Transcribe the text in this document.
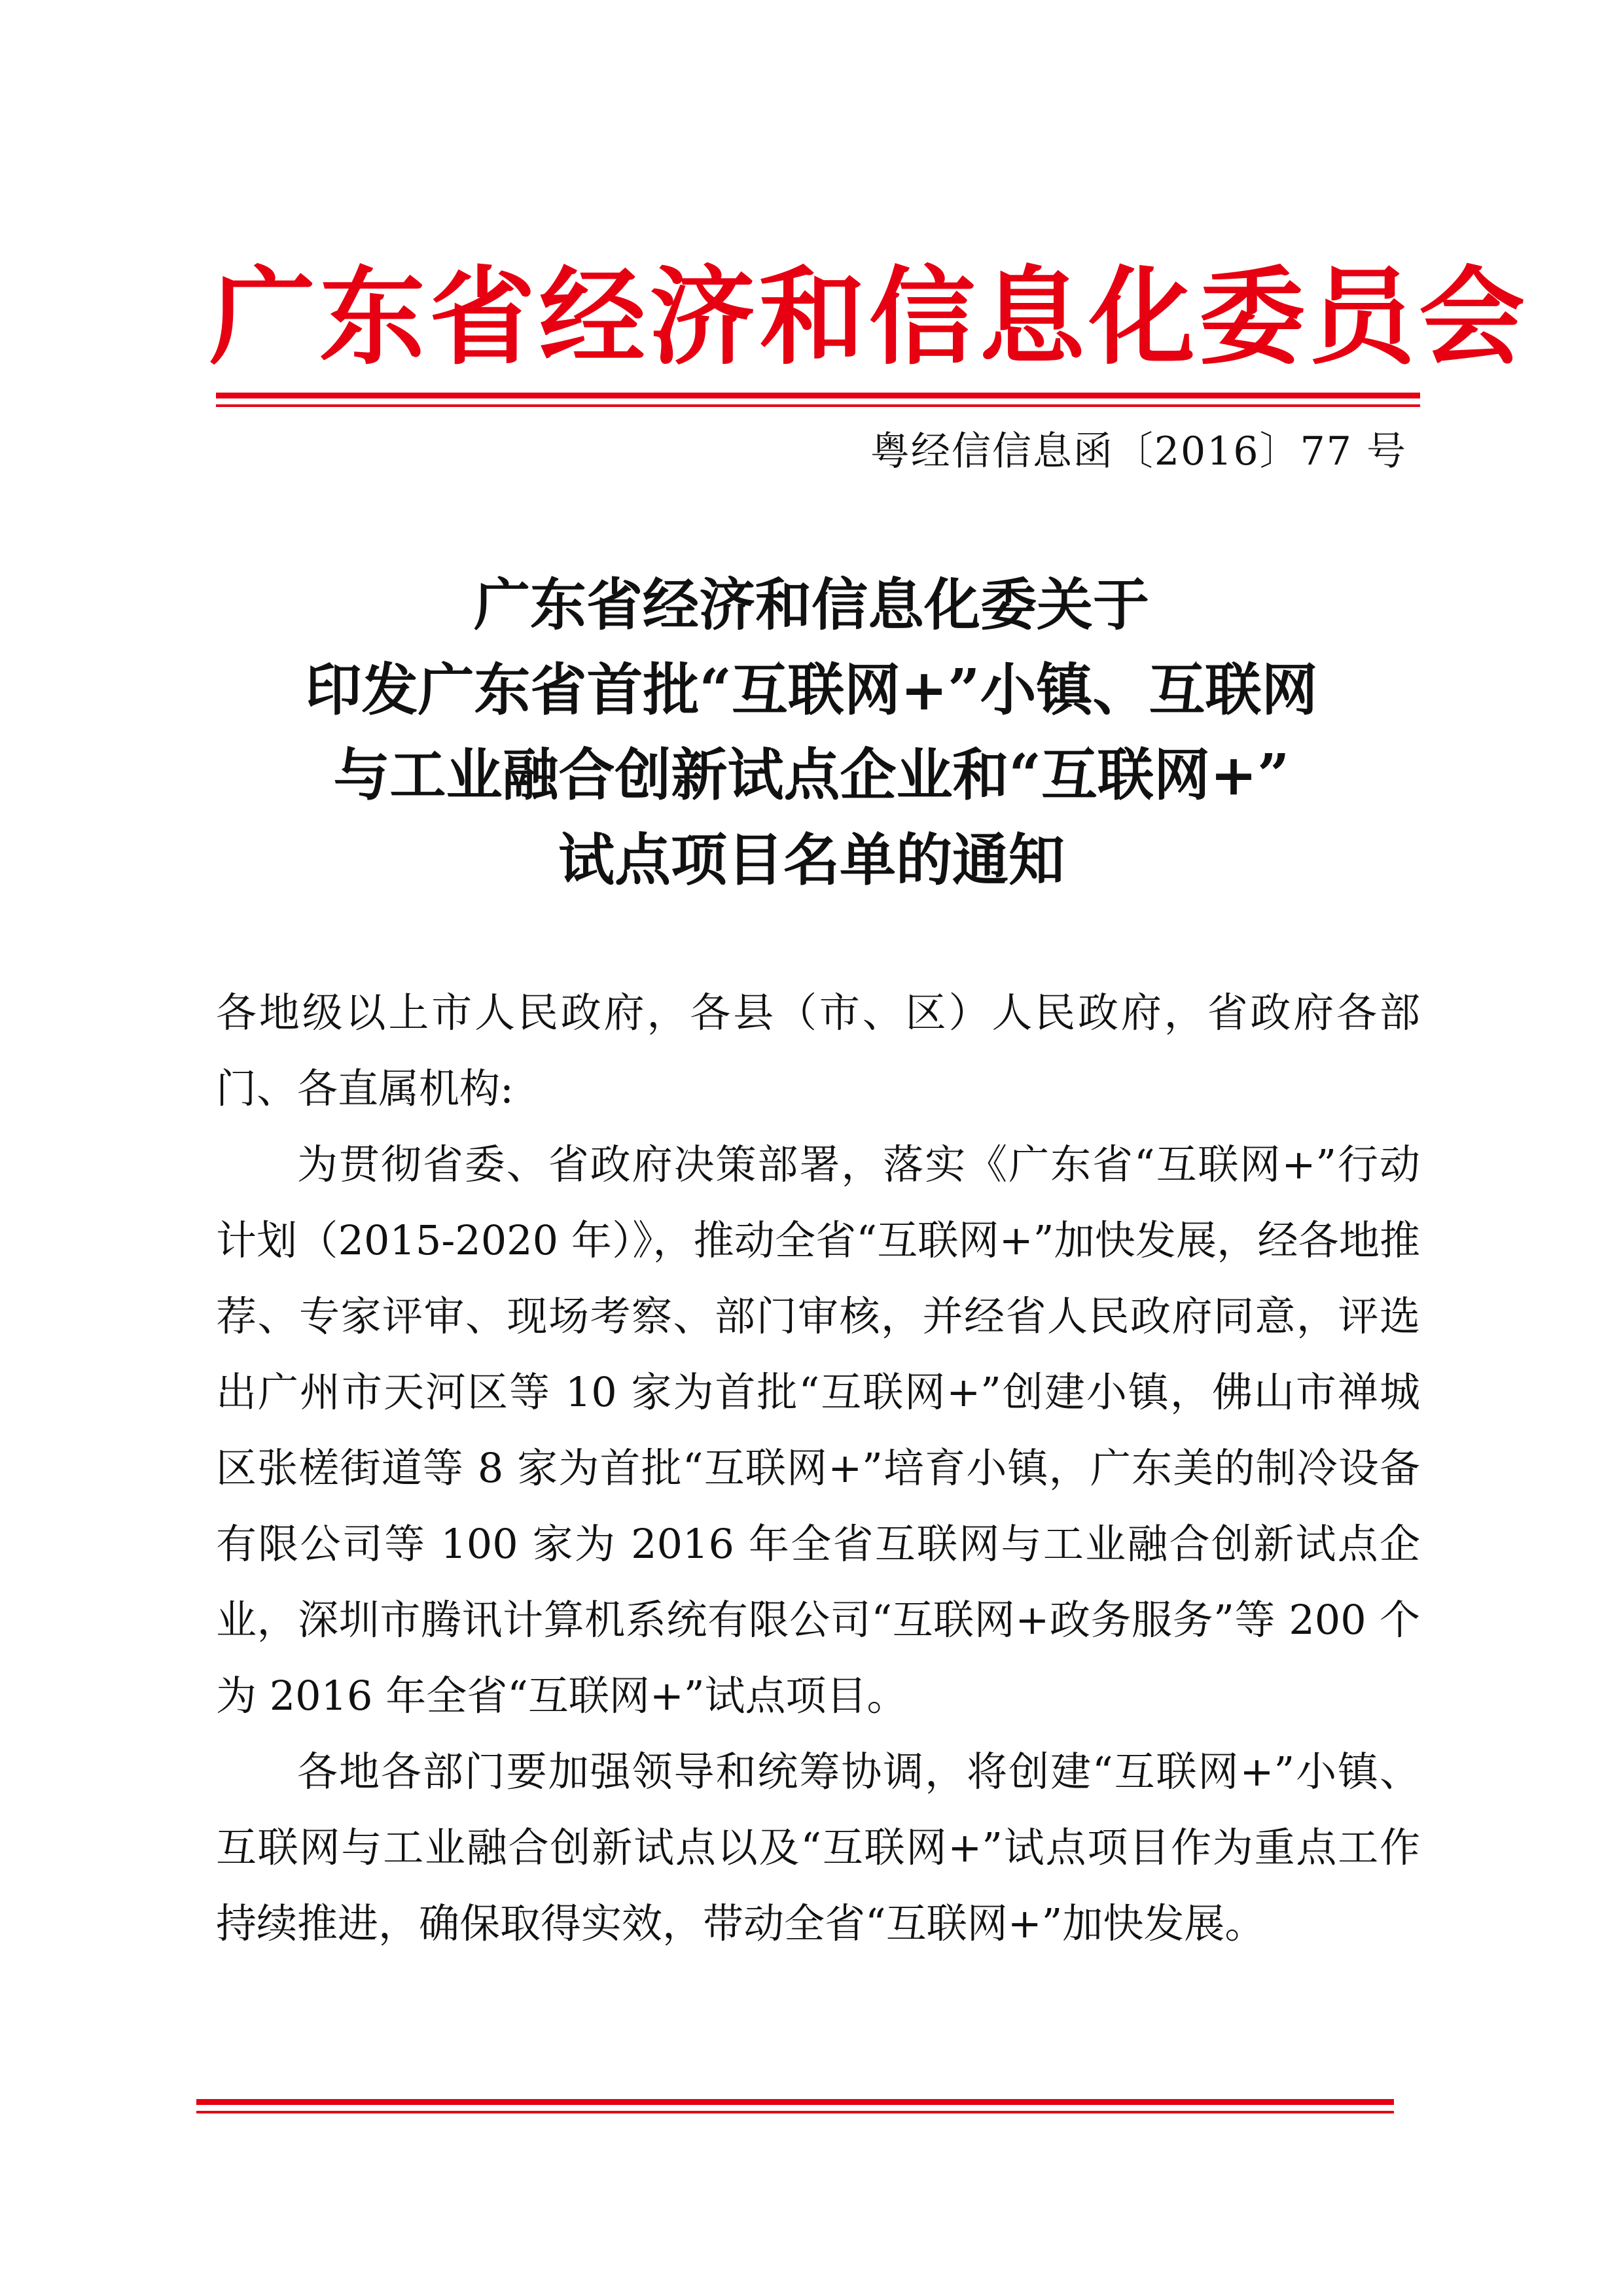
广东省经济和信息化委员会
粤经信信息函〔2016〕77 号
广东省经济和信息化委关于
印发广东省首批“互联网+”小镇、互联网
与工业融合创新试点企业和“互联网+”
试点项目名单的通知

各地级以上市人民政府，各县（市、区）人民政府，省政府各部门、各直属机构:

为贯彻省委、省政府决策部署，落实《广东省“互联网+”行动计划（2015-2020 年）》，推动全省“互联网+”加快发展，经各地推荐、专家评审、现场考察、部门审核，并经省人民政府同意，评选出广州市天河区等 10 家为首批“互联网+”创建小镇，佛山市禅城区张槎街道等 8 家为首批“互联网+”培育小镇，广东美的制冷设备有限公司等 100 家为 2016 年全省互联网与工业融合创新试点企业，深圳市腾讯计算机系统有限公司“互联网+政务服务”等 200 个为 2016 年全省“互联网+”试点项目。

各地各部门要加强领导和统筹协调，将创建“互联网+”小镇、互联网与工业融合创新试点以及“互联网+”试点项目作为重点工作持续推进，确保取得实效，带动全省“互联网+”加快发展。
